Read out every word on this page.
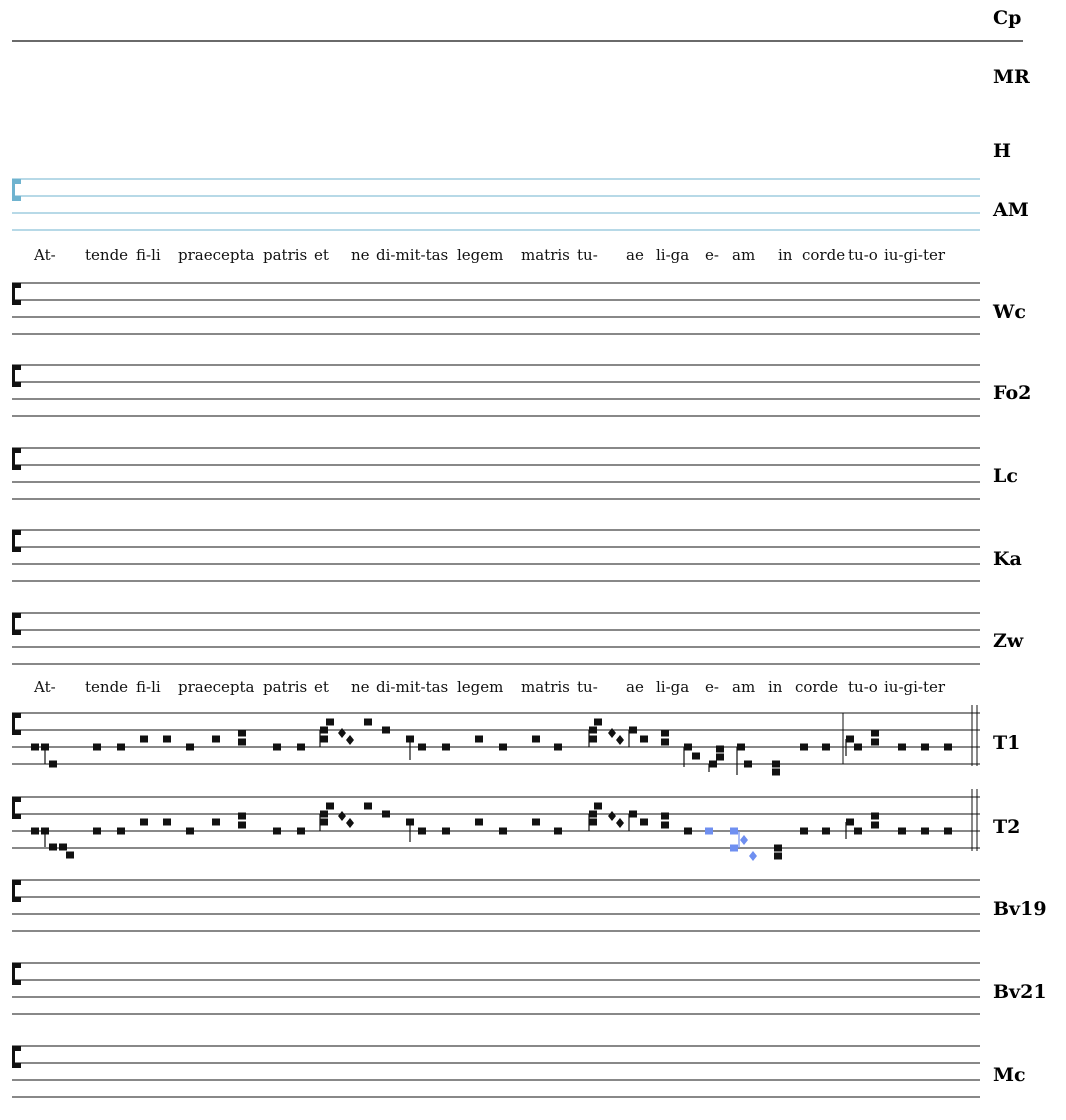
At- tende fi-li praecepta patris et ne di-mit-tas legem matris tu- ae li-ga e- am in corde tu-o iu-gi-ter
At- tende fi-li praecepta patris et ne di-mit-tas legem matris tu- ae li-ga e- am in corde tu-o iu-gi-ter
Cp
MR
H
AM
Wc
Fo2
Lc
Ka
Zw
T1
T2
Bv19
Bv21
Mc
